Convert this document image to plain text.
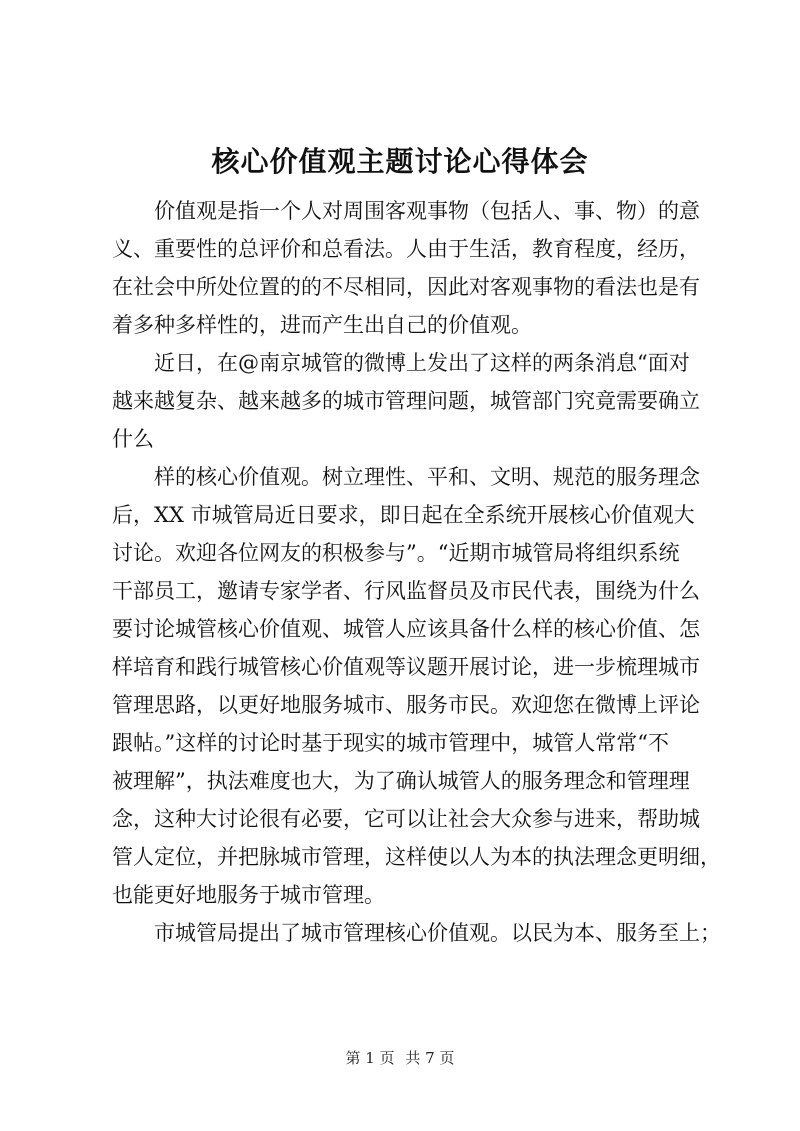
核心价值观主题讨论心得体会
价值观是指一个人对周围客观事物（包括人、事、物）的意
义、重要性的总评价和总看法。人由于生活，教育程度，经历，
在社会中所处位置的的不尽相同，因此对客观事物的看法也是有
着多种多样性的，进而产生出自己的价值观。
近日，在@南京城管的微博上发出了这样的两条消息“面对
越来越复杂、越来越多的城市管理问题，城管部门究竟需要确立
什么
样的核心价值观。树立理性、平和、文明、规范的服务理念
后，XX 市城管局近日要求，即日起在全系统开展核心价值观大
讨论。欢迎各位网友的积极参与”。“近期市城管局将组织系统
干部员工，邀请专家学者、行风监督员及市民代表，围绕为什么
要讨论城管核心价值观、城管人应该具备什么样的核心价值、怎
样培育和践行城管核心价值观等议题开展讨论，进一步梳理城市
管理思路，以更好地服务城市、服务市民。欢迎您在微博上评论
跟帖。”这样的讨论时基于现实的城市管理中，城管人常常“不
被理解”，执法难度也大，为了确认城管人的服务理念和管理理
念，这种大讨论很有必要，它可以让社会大众参与进来，帮助城
管人定位，并把脉城市管理，这样使以人为本的执法理念更明细，
也能更好地服务于城市管理。
市城管局提出了城市管理核心价值观。以民为本、服务至上；
第 1 页 共 7 页
